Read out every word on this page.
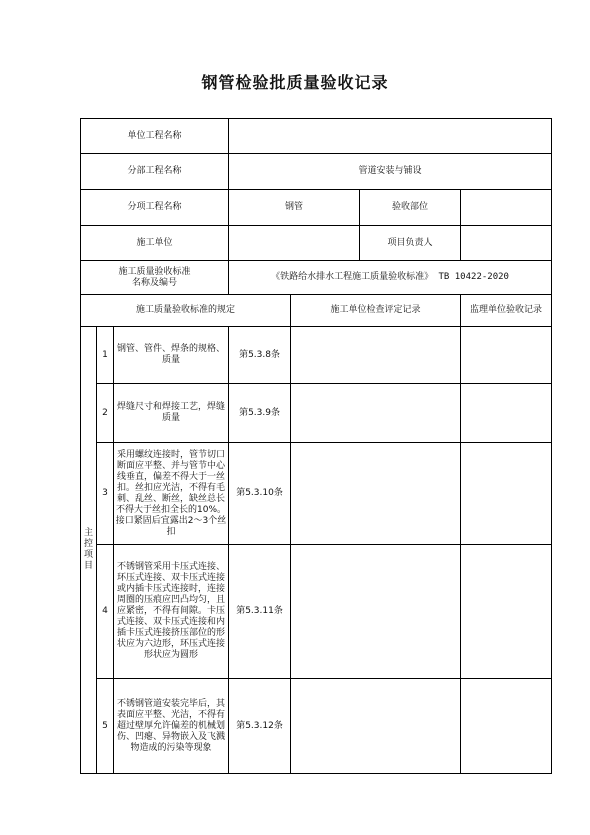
钢管检验批质量验收记录
单位工程名称						
分部工程名称			管道安装与铺设			
分项工程名称			钢管		验收部位	
施工单位					项目负责人	

施工质量验收标准
名称及编号			《铁路给水排水工程施工质量验收标准》 TB 10422-2020			
施工质量验收标准的规定				施工单位检查评定记录		监理单位验收记录
主控项目	1	钢管、管件、焊条的规格、质量	第5.3.8条			
	2	焊缝尺寸和焊接工艺，焊缝质量	第5.3.9条			
	3	采用螺纹连接时，管节切口断面应平整、并与管节中心线垂直，偏差不得大于一丝扣。丝扣应光洁，不得有毛刺、乱丝、断丝，缺丝总长不得大于丝扣全长的10%。接口紧固后宜露出2～3个丝扣	第5.3.10条			
	4	不锈钢管采用卡压式连接、环压式连接、双卡压式连接或内插卡压式连接时，连接周圈的压痕应凹凸均匀，且应紧密，不得有间隙。卡压式连接、双卡压式连接和内插卡压式连接挤压部位的形状应为六边形，环压式连接形状应为圆形	第5.3.11条			
	5	不锈钢管道安装完毕后，其表面应平整、光洁，不得有超过壁厚允许偏差的机械划伤、凹瘪、异物嵌入及飞溅物造成的污染等现象	第5.3.12条			
